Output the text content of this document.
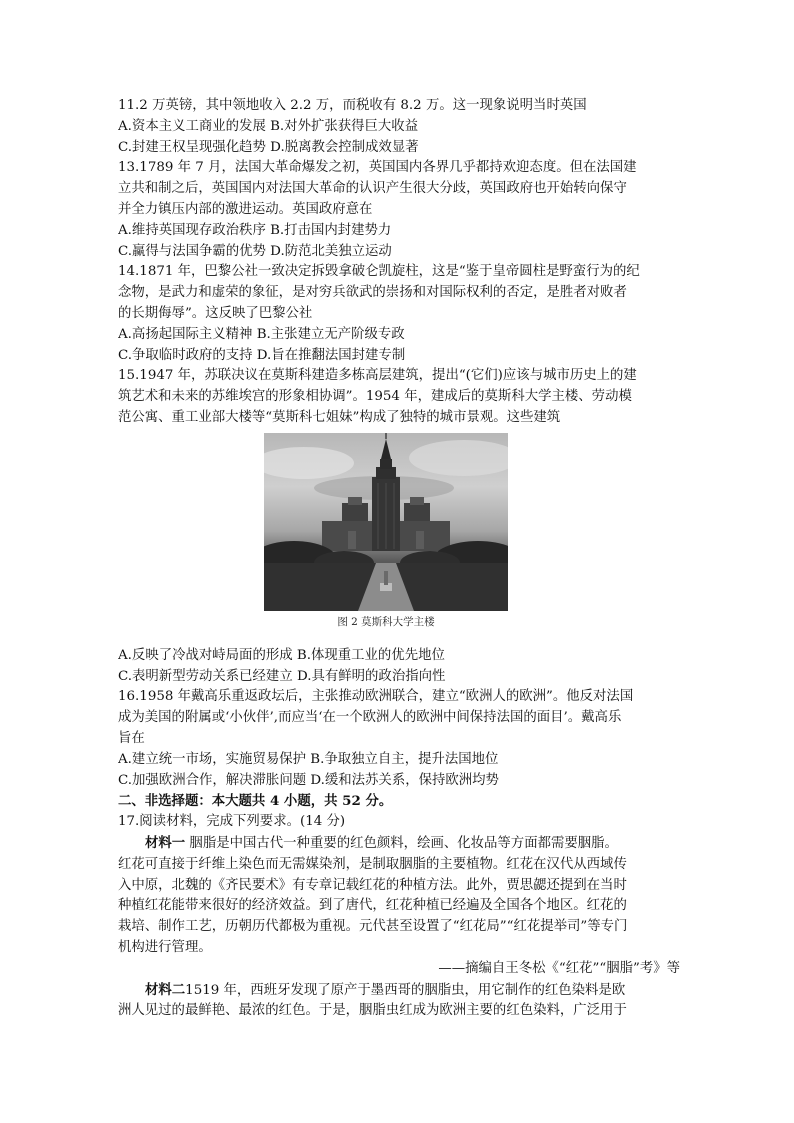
11.2 万英镑，其中领地收入 2.2 万，而税收有 8.2 万。这一现象说明当时英国
A.资本主义工商业的发展 B.对外扩张获得巨大收益
C.封建王权呈现强化趋势 D.脱离教会控制成效显著
13.1789 年 7 月，法国大革命爆发之初，英国国内各界几乎都持欢迎态度。但在法国建
立共和制之后，英国国内对法国大革命的认识产生很大分歧，英国政府也开始转向保守
并全力镇压内部的激进运动。英国政府意在
A.维持英国现存政治秩序 B.打击国内封建势力
C.赢得与法国争霸的优势 D.防范北美独立运动
14.1871 年，巴黎公社一致决定拆毁拿破仑凯旋柱，这是“鉴于皇帝圆柱是野蛮行为的纪
念物，是武力和虚荣的象征，是对穷兵欲武的崇扬和对国际权利的否定，是胜者对败者
的长期侮辱”。这反映了巴黎公社
A.高扬起国际主义精神 B.主张建立无产阶级专政
C.争取临时政府的支持 D.旨在推翻法国封建专制
15.1947 年，苏联决议在莫斯科建造多栋高层建筑，提出“(它们)应该与城市历史上的建
筑艺术和未来的苏维埃宫的形象相协调”。1954 年，建成后的莫斯科大学主楼、劳动模
范公寓、重工业部大楼等“莫斯科七姐妹”构成了独特的城市景观。这些建筑
图 2 莫斯科大学主楼
A.反映了冷战对峙局面的形成 B.体现重工业的优先地位
C.表明新型劳动关系已经建立 D.具有鲜明的政治指向性
16.1958 年戴高乐重返政坛后，主张推动欧洲联合，建立“欧洲人的欧洲”。他反对法国
成为美国的附属或‘小伙伴’,而应当‘在一个欧洲人的欧洲中间保持法国的面目’。戴高乐
旨在
A.建立统一市场，实施贸易保护 B.争取独立自主，提升法国地位
C.加强欧洲合作，解决滞胀问题 D.缓和法苏关系，保持欧洲均势
二、非选择题：本大题共 4 小题，共 52 分。
17.阅读材料，完成下列要求。(14 分)
材料一 胭脂是中国古代一种重要的红色颜料，绘画、化妆品等方面都需要胭脂。
红花可直接于纤维上染色而无需媒染剂，是制取胭脂的主要植物。红花在汉代从西域传
入中原，北魏的《齐民要术》有专章记载红花的种植方法。此外，贾思勰还提到在当时
种植红花能带来很好的经济效益。到了唐代，红花种植已经遍及全国各个地区。红花的
栽培、制作工艺，历朝历代都极为重视。元代甚至设置了“红花局”“红花提举司”等专门
机构进行管理。
——摘编自王冬松《“红花”“胭脂”考》等
材料二1519 年，西班牙发现了原产于墨西哥的胭脂虫，用它制作的红色染料是欧
洲人见过的最鲜艳、最浓的红色。于是，胭脂虫红成为欧洲主要的红色染料，广泛用于
